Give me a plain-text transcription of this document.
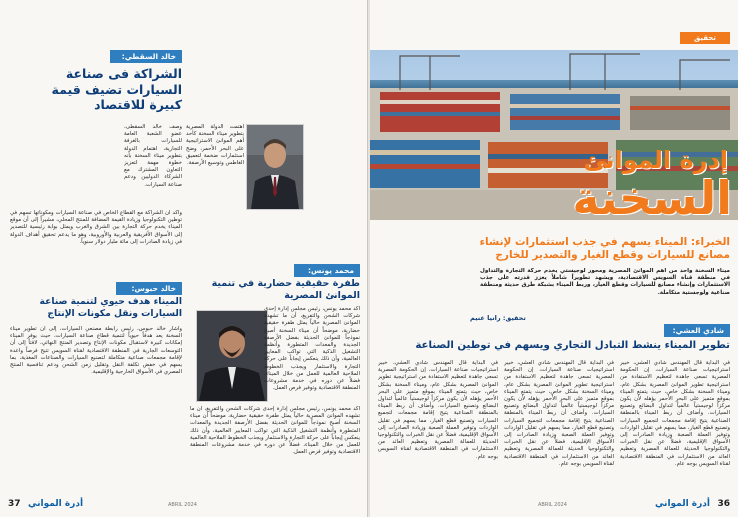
خالد السقطي:
الشراكة فى صناعة
السيارات تضيف قيمة
كبيرة للاقتصاد
وصف خالد السقطى، عضو الشعبة العامة للسيارات بالغرفة التجارية، اهتمام الدولة بتطوير ميناء السخنة بأنه خطوة مهمة لتعزيز التعاون المشترك مع الشركاء الدوليين ودعم صناعة السيارات.
اهتمت الدولة المصرية بتطوير ميناء السخنة كأحد أهم الموانئ الاستراتيجية على البحر الأحمر، وضخ استثمارات ضخمة لتعميق الغاطس وتوسيع الأرصفة.
وأكد أن الشراكة مع القطاع الخاص في صناعة السيارات ومكوناتها تسهم في توطين التكنولوجيا وزيادة القيمة المضافة للمنتج المحلي، مشيراً إلى أن موقع الميناء يخدم حركة التجارة بين الشرق والغرب ويمثل بوابة رئيسية للتصدير إلى الأسواق الأفريقية والعربية والأوروبية، وهو ما يدعم تحقيق أهداف الدولة في زيادة الصادرات إلى مائة مليار دولار سنوياً.
محمد يونس:
طفرة حقيقية حضارية في تنمية
الموانئ المصرية
أكد محمد يونس، رئيس مجلس إدارة إحدى شركات الشحن والتفريغ، أن ما تشهده الموانئ المصرية حالياً يمثل طفرة حقيقية حضارية، موضحاً أن ميناء السخنة أصبح نموذجاً للموانئ الحديثة بفضل الأرصفة الجديدة والمعدات المتطورة وأنظمة التشغيل الذكية التي تواكب المعايير العالمية، وأن ذلك ينعكس إيجاباً على حركة التجارة والاستثمار ويجذب الخطوط الملاحية العالمية للعمل من خلال الميناء، فضلاً عن دوره في خدمة مشروعات المنطقة الاقتصادية وتوفير فرص العمل.
خالد حبوس:
الميناء هدف حيوي لتنمية صناعة
السيارات ونقل مكونات الإنتاج
وأشار خالد حبوس، رئيس رابطة مصنعي السيارات، إلى أن تطوير ميناء السخنة يعد هدفاً حيوياً لتنمية قطاع صناعة السيارات، حيث يوفر الميناء إمكانات كبيرة لاستقبال مكونات الإنتاج وتصدير المنتج النهائي، لافتاً إلى أن التوسعات الجارية في المنطقة الاقتصادية لقناة السويس تتيح فرصاً واعدة لإقامة مجمعات صناعية متكاملة لتصنيع السيارات والصناعات المغذية، بما يسهم في خفض تكلفة النقل وتقليل زمن الشحن ودعم تنافسية المنتج المصري في الأسواق الخارجية والإقليمية.
أكد محمد يونس، رئيس مجلس إدارة إحدى شركات الشحن والتفريغ، أن ما تشهده الموانئ المصرية حالياً يمثل طفرة حقيقية حضارية، موضحاً أن ميناء السخنة أصبح نموذجاً للموانئ الحديثة بفضل الأرصفة الجديدة والمعدات المتطورة وأنظمة التشغيل الذكية التي تواكب المعايير العالمية، وأن ذلك ينعكس إيجاباً على حركة التجارة والاستثمار ويجذب الخطوط الملاحية العالمية للعمل من خلال الميناء، فضلاً عن دوره في خدمة مشروعات المنطقة الاقتصادية وتوفير فرص العمل.
37 أدرة المواني	ABRIL 2024
تحقيق
إدرة الموانئ
السخنة
الخبراء: الميناء يسهم في جذب استثمارات لإنشاء
مصانع للسيارات وقطع الغيار والتصدير للخارج
ميناء السخنة واحد من أهم الموانئ المصرية ومحور لوجيستي يخدم حركة التجارة والتداول في منطقة قناة السويس الاقتصادية، ويشهد تطويراً شاملاً يعزز قدرته على جذب الاستثمارات وإنشاء مصانع للسيارات وقطع الغيار، وربط الميناء بشبكة طرق حديثة ومنطقة صناعية ولوجستية متكاملة.
تحقيق: رانيا غنيم
شادي العشي:
تطوير الميناء ينشط التبادل التجاري ويسهم في توطين الصناعة
في البداية قال المهندس شادي العشي، خبير استراتيجيات صناعة السيارات، إن الحكومة المصرية تسعى جاهدة لتعظيم الاستفادة من استراتيجية تطوير الموانئ المصرية بشكل عام، وميناء السخنة بشكل خاص، حيث يتمتع الميناء بموقع متميز على البحر الأحمر يؤهله لأن يكون مركزاً لوجيستياً عالمياً لتداول البضائع وتصنيع السيارات. وأضاف أن ربط الميناء بالمنطقة الصناعية يتيح إقامة مجمعات لتجميع السيارات وتصنيع قطع الغيار، مما يسهم في تقليل الواردات وتوفير العملة الصعبة وزيادة الصادرات إلى الأسواق الإقليمية، فضلاً عن نقل الخبرات والتكنولوجيا الحديثة للعمالة المصرية وتعظيم العائد من الاستثمارات في المنطقة الاقتصادية لقناة السويس بوجه عام.
في البداية قال المهندس شادي العشي، خبير استراتيجيات صناعة السيارات، إن الحكومة المصرية تسعى جاهدة لتعظيم الاستفادة من استراتيجية تطوير الموانئ المصرية بشكل عام، وميناء السخنة بشكل خاص، حيث يتمتع الميناء بموقع متميز على البحر الأحمر يؤهله لأن يكون مركزاً لوجيستياً عالمياً لتداول البضائع وتصنيع السيارات. وأضاف أن ربط الميناء بالمنطقة الصناعية يتيح إقامة مجمعات لتجميع السيارات وتصنيع قطع الغيار، مما يسهم في تقليل الواردات وتوفير العملة الصعبة وزيادة الصادرات إلى الأسواق الإقليمية، فضلاً عن نقل الخبرات والتكنولوجيا الحديثة للعمالة المصرية وتعظيم العائد من الاستثمارات في المنطقة الاقتصادية لقناة السويس بوجه عام.
في البداية قال المهندس شادي العشي، خبير استراتيجيات صناعة السيارات، إن الحكومة المصرية تسعى جاهدة لتعظيم الاستفادة من استراتيجية تطوير الموانئ المصرية بشكل عام، وميناء السخنة بشكل خاص، حيث يتمتع الميناء بموقع متميز على البحر الأحمر يؤهله لأن يكون مركزاً لوجيستياً عالمياً لتداول البضائع وتصنيع السيارات. وأضاف أن ربط الميناء بالمنطقة الصناعية يتيح إقامة مجمعات لتجميع السيارات وتصنيع قطع الغيار، مما يسهم في تقليل الواردات وتوفير العملة الصعبة وزيادة الصادرات إلى الأسواق الإقليمية، فضلاً عن نقل الخبرات والتكنولوجيا الحديثة للعمالة المصرية وتعظيم العائد من الاستثمارات في المنطقة الاقتصادية لقناة السويس بوجه عام.
ABRIL 2024	أدرة المواني 36
